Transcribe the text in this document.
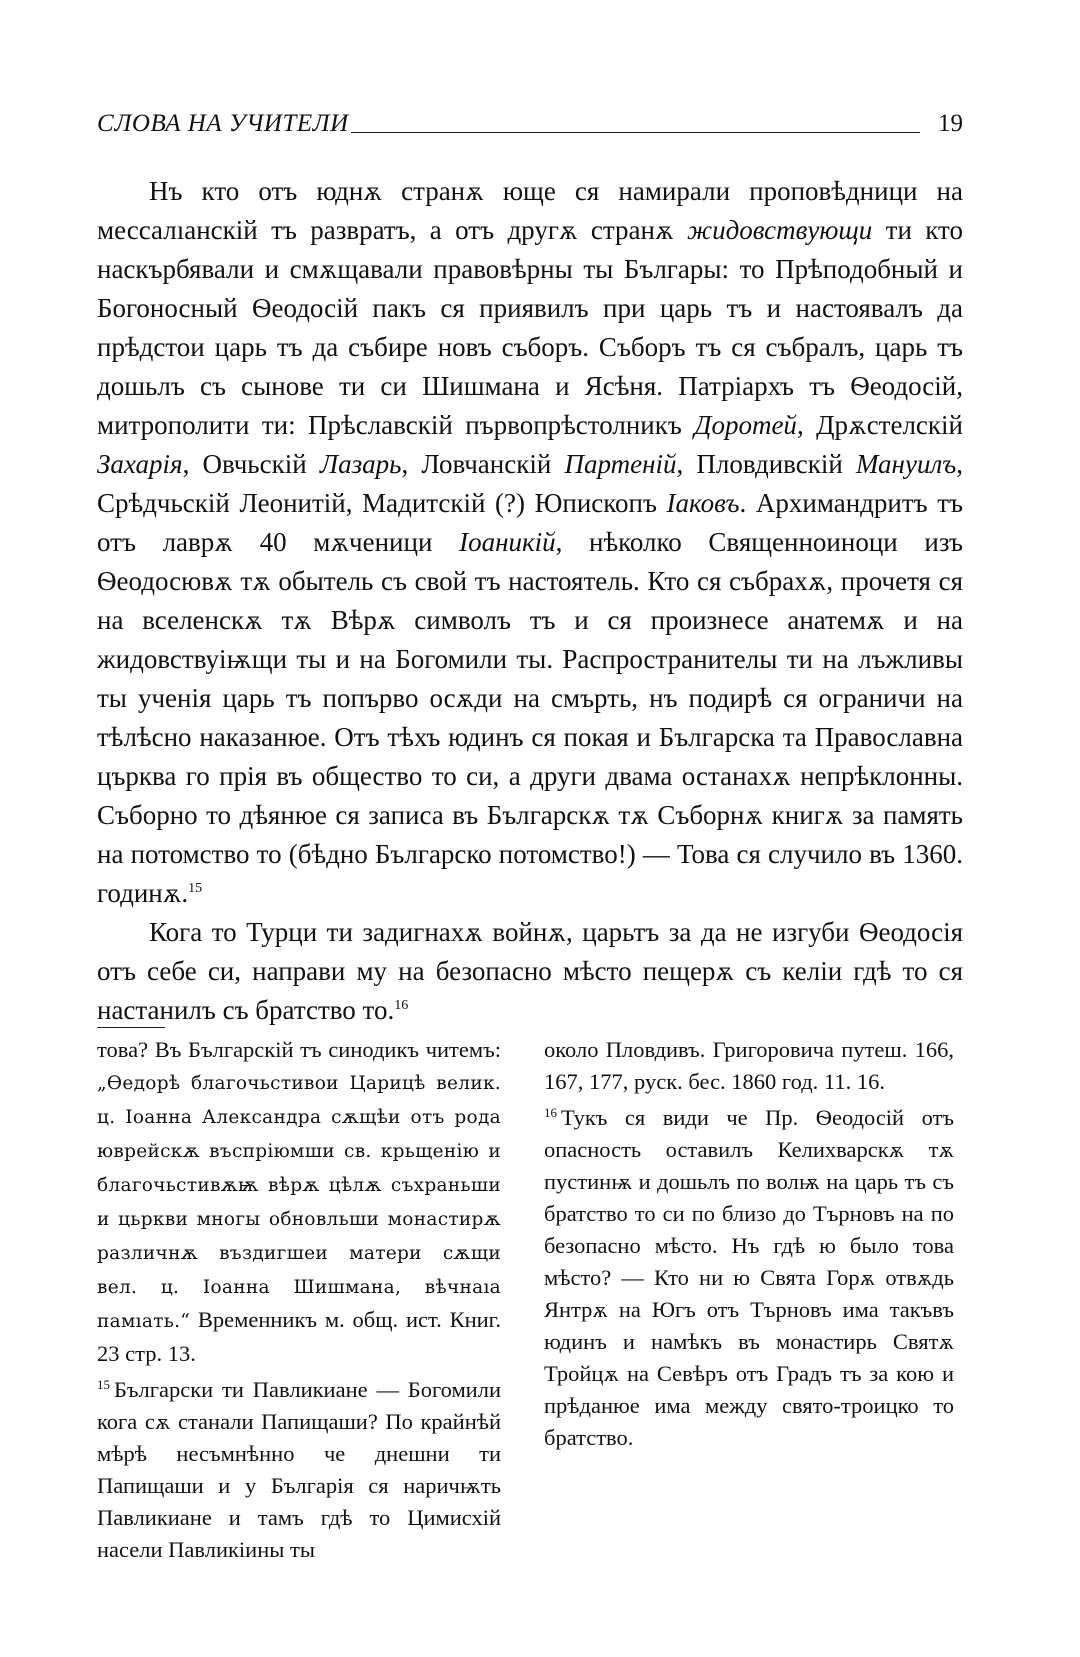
СЛОВА НА УЧИТЕЛИ	19

Нъ кто отъ юднѫ странѫ юще ся намирали проповѣдници на мессалıанскій тъ развратъ, а отъ другѫ странѫ жидовствующи ти кто наскърбявали и смѫщавали правовѣрны ты Българы: то Прѣподобный и Богоносный Ѳеодосій пакъ ся приявилъ при царь тъ и настоявалъ да прѣдстои царь тъ да събире новъ съборъ. Съборъ тъ ся събралъ, царь тъ дошьлъ съ сынове ти си Шишмана и Ясѣня. Патріархъ тъ Ѳеодосій, митрополити ти: Прѣславскій първопрѣстолникъ Доротей, Дрѫстелскій Захарія, Овчьскій Лазарь, Ловчанскій Партеній, Пловдивскій Мануилъ, Срѣдчьскій Леонитій, Мадитскій (?) Юпископъ Іаковъ. Архимандритъ тъ отъ лаврѫ 40 мѫченици Іоаникій, нѣколко Священноиноци изъ Ѳеодосювѫ тѫ обытель съ свой тъ настоятель. Кто ся събрахѫ, прочетя ся на вселенскѫ тѫ Вѣрѫ символъ тъ и ся произнесе анатемѫ и на жидовствуiѭщи ты и на Богомили ты. Распространителы ти на лъжливы ты ученія царь тъ попърво осѫди на смърть, нъ подирѣ ся ограничи на тѣлѣсно наказанюе. Отъ тѣхъ юдинъ ся покая и Българска та Православна църква го прія въ общество то си, а други двама останахѫ непрѣклонны. Съборно то дѣянюе ся записа въ Българскѫ тѫ Съборнѫ книгѫ за память на потомство то (бѣдно Българско потомство!) — Това ся случило въ 1360. годинѫ.$^{15}$

Кога то Турци ти задигнахѫ войнѫ, царьтъ за да не изгуби Ѳеодосія отъ себе си, направи му на безопасно мѣсто пещерѫ съ келіи гдѣ то ся настанилъ съ братство то.$^{16}$

това? Въ Българскій тъ синодикъ читемъ: „Ѳедорѣ благочьстивои Царицѣ велик. ц. Іоанна Александра сѫщѣи отъ рода юврейскѫ въспріюмши св. крьщенію и благочьстивѫѭ вѣрѫ цѣлѫ съхраньши и цьркви многы обновльши монастирѫ различнѫ въздигшеи матери сѫщи вел. ц. Іоанна Шишмана, вѣчнаıа памıать.“ Временникъ м. общ. ист. Книг. 23 стр. 13.

$^{15}$ Български ти Павликиане — Богомили кога сѫ станали Папищаши? По крайнѣй мѣрѣ несъмнѣнно че днешни ти Папищаши и у Българія ся наричѭть Павликиане и тамъ гдѣ то Цимисхій насели Павликіины ты

около Пловдивъ. Григоровича путеш. 166, 167, 177, руск. бес. 1860 год. 11. 16.

$^{16}$ Тукъ ся види че Пр. Ѳеодосій отъ опасность оставилъ Келихварскѫ тѫ пустинѭ и дошьлъ по волѭ на царь тъ съ братство то си по близо до Търновъ на по безопасно мѣсто. Нъ гдѣ ю было това мѣсто? — Кто ни ю Свята Горѫ отвѫдь Янтрѫ на Югъ отъ Търновъ има такъвъ юдинъ и намѣкъ въ монастирь Святѫ Тройцѫ на Севѣръ отъ Градъ тъ за кою и прѣданюе има между свято-троицко то братство.
